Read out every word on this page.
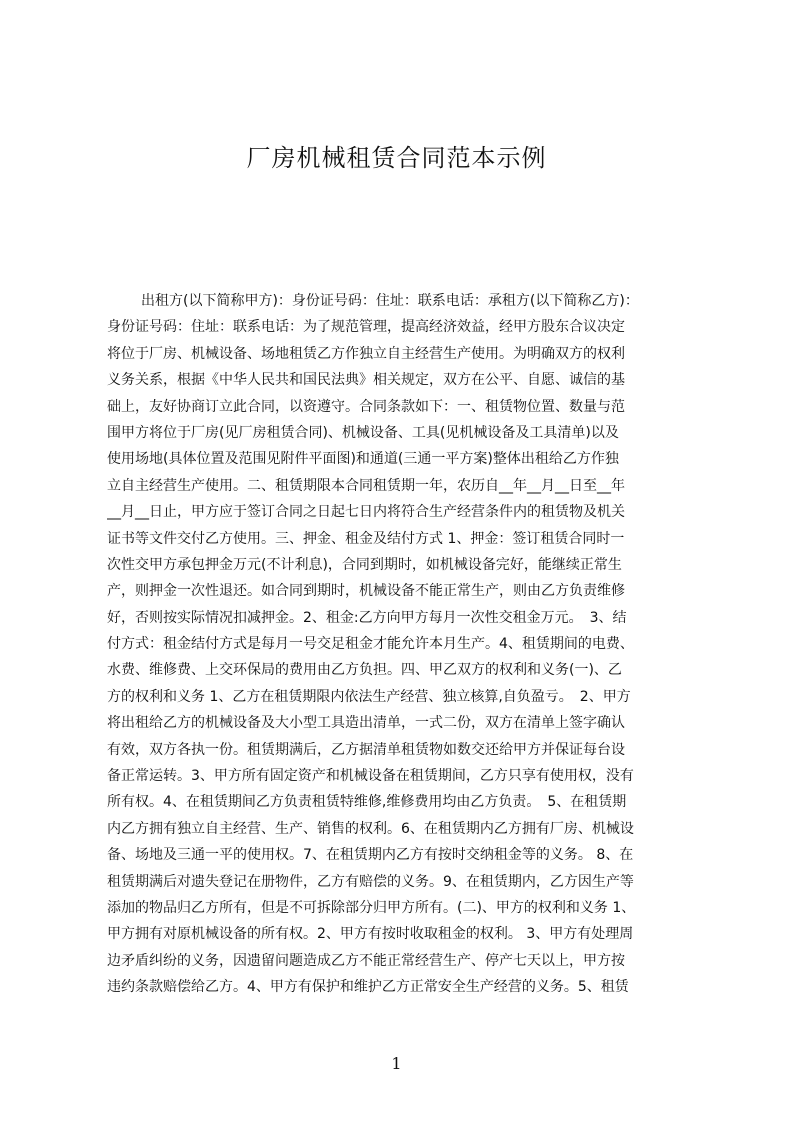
厂房机械租赁合同范本示例
出租方(以下简称甲方)：身份证号码：住址：联系电话：承租方(以下简称乙方)：
身份证号码：住址：联系电话：为了规范管理，提高经济效益，经甲方股东合议决定
将位于厂房、机械设备、场地租赁乙方作独立自主经营生产使用。为明确双方的权利
义务关系，根据《中华人民共和国民法典》相关规定，双方在公平、自愿、诚信的基
础上，友好协商订立此合同，以资遵守。合同条款如下：一、租赁物位置、数量与范
围甲方将位于厂房(见厂房租赁合同)、机械设备、工具(见机械设备及工具清单)以及
使用场地(具体位置及范围见附件平面图)和通道(三通一平方案)整体出租给乙方作独
立自主经营生产使用。二、租赁期限本合同租赁期一年，农历自__年__月__日至__年
__月__日止，甲方应于签订合同之日起七日内将符合生产经营条件内的租赁物及机关
证书等文件交付乙方使用。三、押金、租金及结付方式 1、押金：签订租赁合同时一
次性交甲方承包押金万元(不计利息)，合同到期时，如机械设备完好，能继续正常生
产，则押金一次性退还。如合同到期时，机械设备不能正常生产，则由乙方负责维修
好，否则按实际情况扣减押金。2、租金:乙方向甲方每月一次性交租金万元。　3、结
付方式：租金结付方式是每月一号交足租金才能允许本月生产。4、租赁期间的电费、
水费、维修费、上交环保局的费用由乙方负担。四、甲乙双方的权利和义务(一)、乙
方的权利和义务 1、乙方在租赁期限内依法生产经营、独立核算,自负盈亏。　2、甲方
将出租给乙方的机械设备及大小型工具造出清单，一式二份，双方在清单上签字确认
有效，双方各执一份。租赁期满后，乙方据清单租赁物如数交还给甲方并保证每台设
备正常运转。3、甲方所有固定资产和机械设备在租赁期间，乙方只享有使用权，没有
所有权。4、在租赁期间乙方负责租赁特维修,维修费用均由乙方负责。　5、在租赁期
内乙方拥有独立自主经营、生产、销售的权利。6、在租赁期内乙方拥有厂房、机械设
备、场地及三通一平的使用权。7、在租赁期内乙方有按时交纳租金等的义务。 8、在
租赁期满后对遗失登记在册物件，乙方有赔偿的义务。9、在租赁期内，乙方因生产等
添加的物品归乙方所有，但是不可拆除部分归甲方所有。(二)、甲方的权利和义务 1、
甲方拥有对原机械设备的所有权。2、甲方有按时收取租金的权利。 3、甲方有处理周
边矛盾纠纷的义务，因遗留问题造成乙方不能正常经营生产、停产七天以上，甲方按
违约条款赔偿给乙方。4、甲方有保护和维护乙方正常安全生产经营的义务。5、租赁
1
